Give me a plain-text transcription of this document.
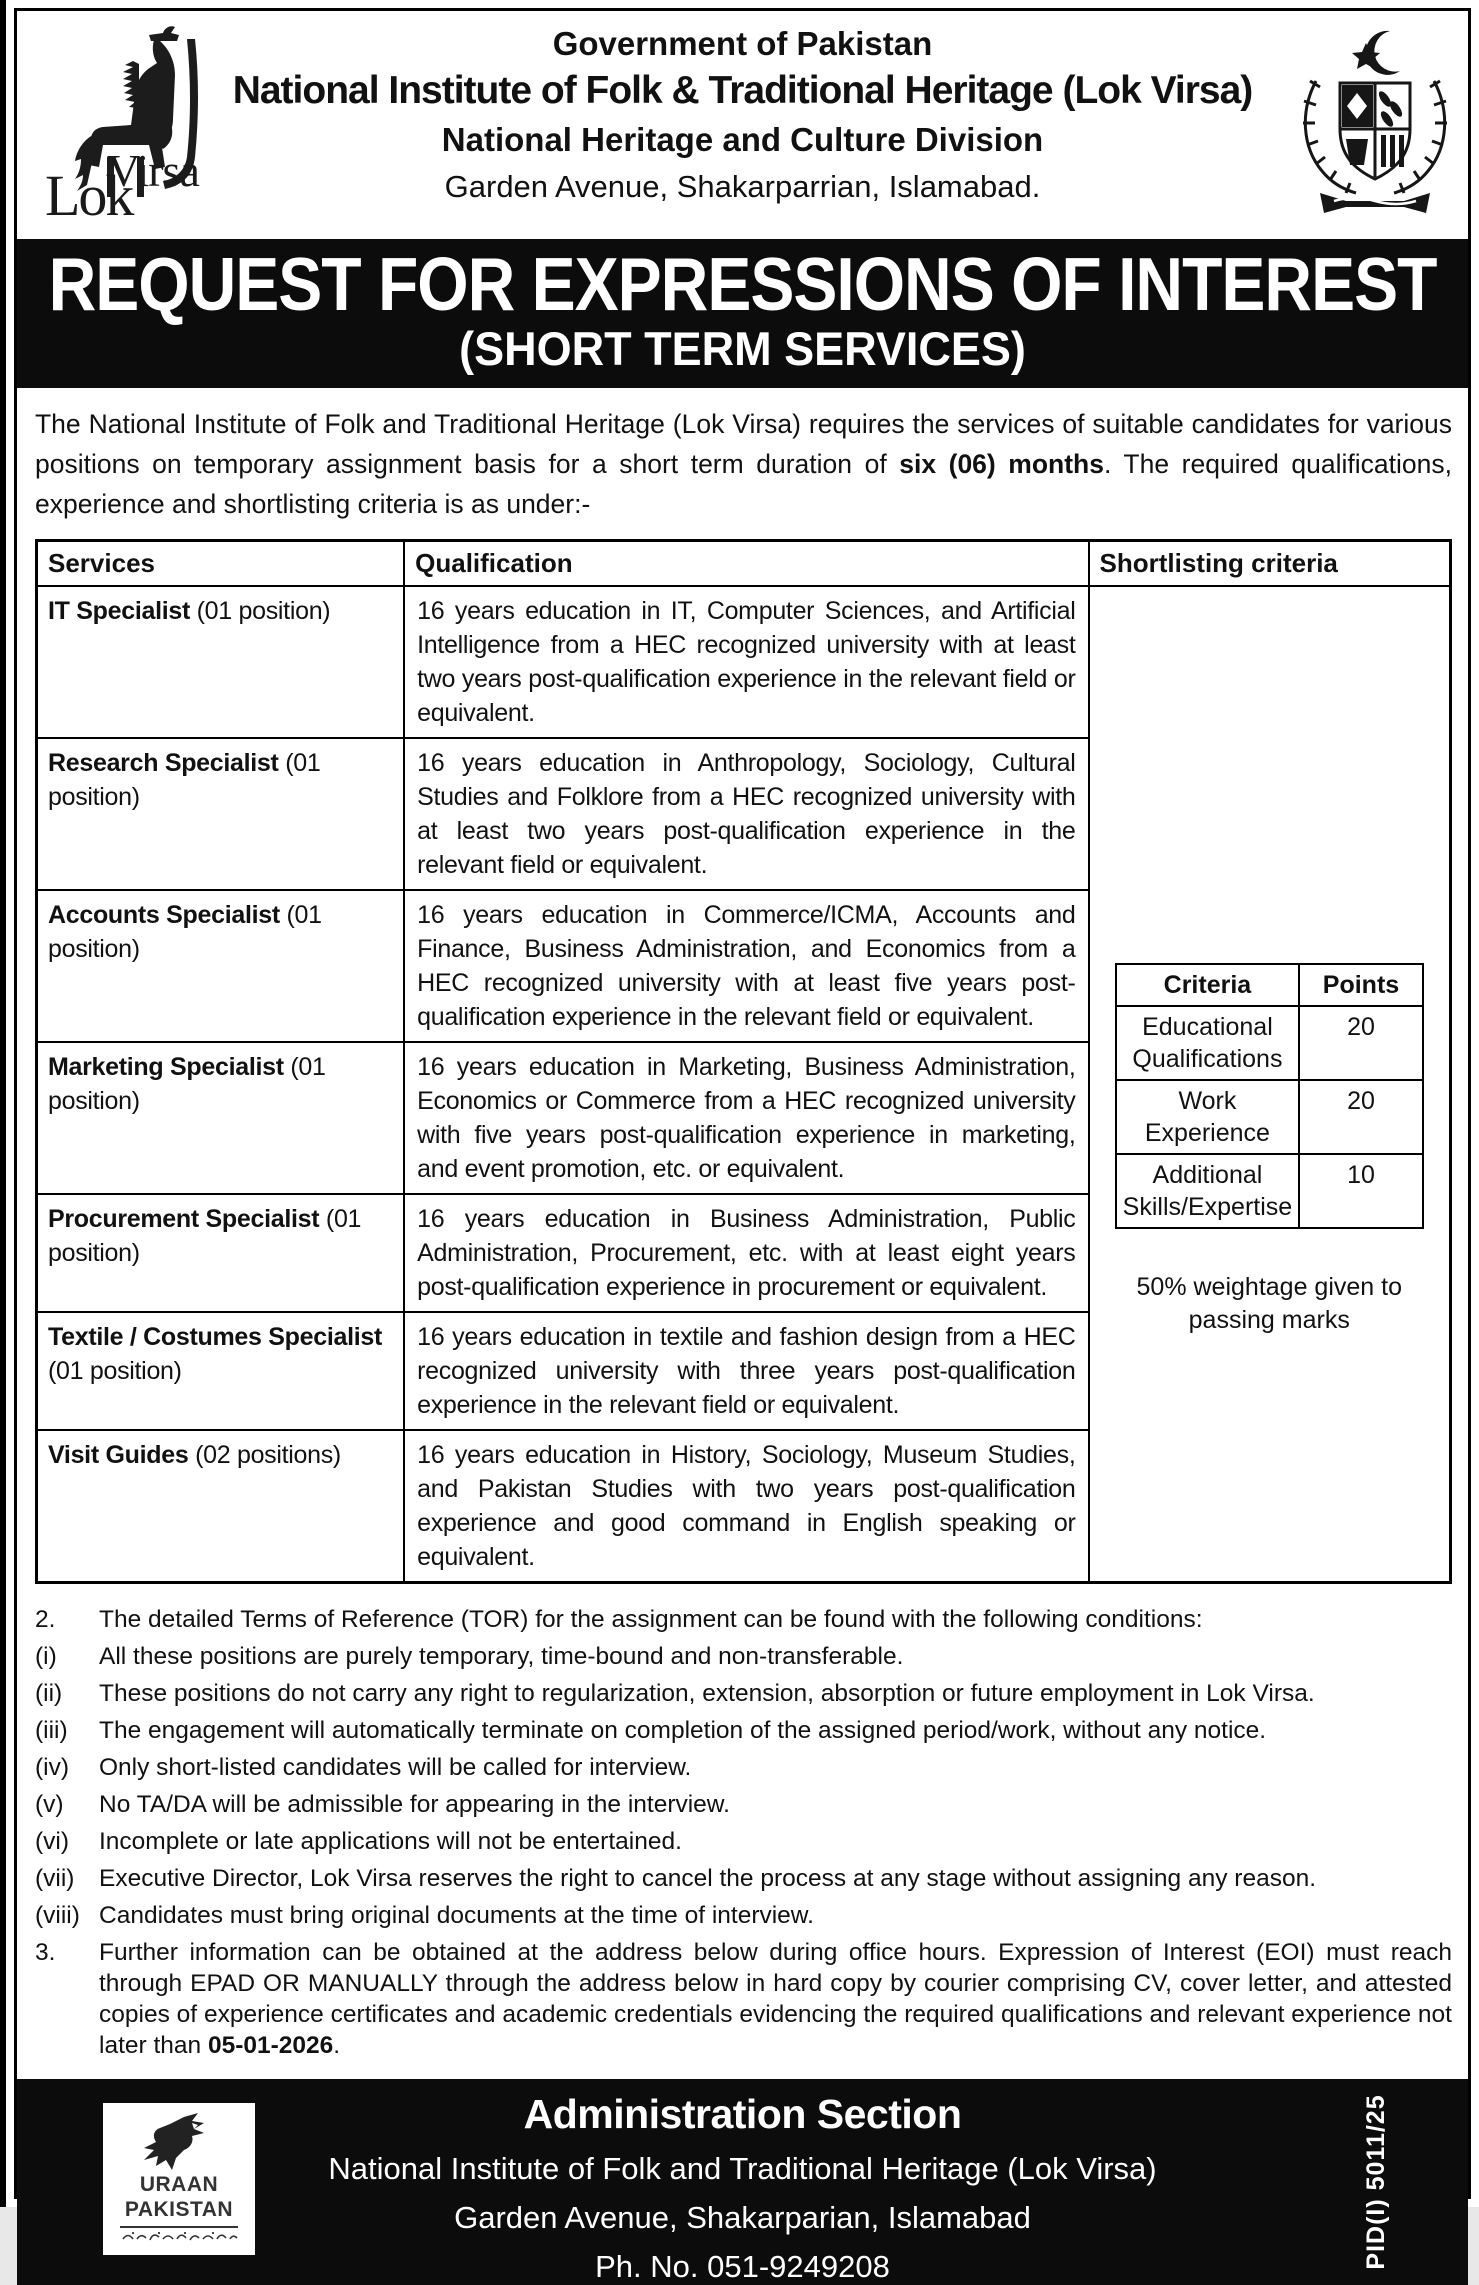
Lok
Virsa
Government of Pakistan
National Institute of Folk & Traditional Heritage (Lok Virsa)
National Heritage and Culture Division
Garden Avenue, Shakarparrian, Islamabad.
REQUEST FOR EXPRESSIONS OF INTEREST
(SHORT TERM SERVICES)

The National Institute of Folk and Traditional Heritage (Lok Virsa) requires the services of suitable candidates for various positions on temporary assignment basis for a short term duration of six (06) months. The required qualifications, experience and shortlisting criteria is as under:-

Services	Qualification	Shortlisting criteria
IT Specialist (01 position)	16 years education in IT, Computer Sciences, and Artificial Intelligence from a HEC recognized university with at least two years post-qualification experience in the relevant field or equivalent.	
Criteria	Points
Educational Qualifications	20
Work Experience	20
Additional Skills/Expertise	10
50% weightage given to passing marks

Research Specialist (01 position)	16 years education in Anthropology, Sociology, Cultural Studies and Folklore from a HEC recognized university with at least two years post-qualification experience in the relevant field or equivalent.
Accounts Specialist (01 position)	16 years education in Commerce/ICMA, Accounts and Finance, Business Administration, and Economics from a HEC recognized university with at least five years post-qualification experience in the relevant field or equivalent.
Marketing Specialist (01 position)	16 years education in Marketing, Business Administration, Economics or Commerce from a HEC recognized university with five years post-qualification experience in marketing, and event promotion, etc. or equivalent.
Procurement Specialist (01 position)	16 years education in Business Administration, Public Administration, Procurement, etc. with at least eight years post-qualification experience in procurement or equivalent.
Textile / Costumes Specialist (01 position)	16 years education in textile and fashion design from a HEC recognized university with three years post-qualification experience in the relevant field or equivalent.
Visit Guides (02 positions)	16 years education in History, Sociology, Museum Studies, and Pakistan Studies with two years post-qualification experience and good command in English speaking or equivalent.
2.	The detailed Terms of Reference (TOR) for the assignment can be found with the following conditions:
(i)	All these positions are purely temporary, time-bound and non-transferable.
(ii)	These positions do not carry any right to regularization, extension, absorption or future employment in Lok Virsa.
(iii)	The engagement will automatically terminate on completion of the assigned period/work, without any notice.
(iv)	Only short-listed candidates will be called for interview.
(v)	No TA/DA will be admissible for appearing in the interview.
(vi)	Incomplete or late applications will not be entertained.
(vii)	Executive Director, Lok Virsa reserves the right to cancel the process at any stage without assigning any reason.
(viii) Candidates must bring original documents at the time of interview.
3.	Further information can be obtained at the address below during office hours. Expression of Interest (EOI) must reach through EPAD OR MANUALLY through the address below in hard copy by courier comprising CV, cover letter, and attested copies of experience certificates and academic credentials evidencing the required qualifications and relevant experience not later than 05-01-2026.
URAAN
PAKISTAN
Administration Section
National Institute of Folk and Traditional Heritage (Lok Virsa)
Garden Avenue, Shakarparian, Islamabad
Ph. No. 051-9249208	PID(I) 5011/25
